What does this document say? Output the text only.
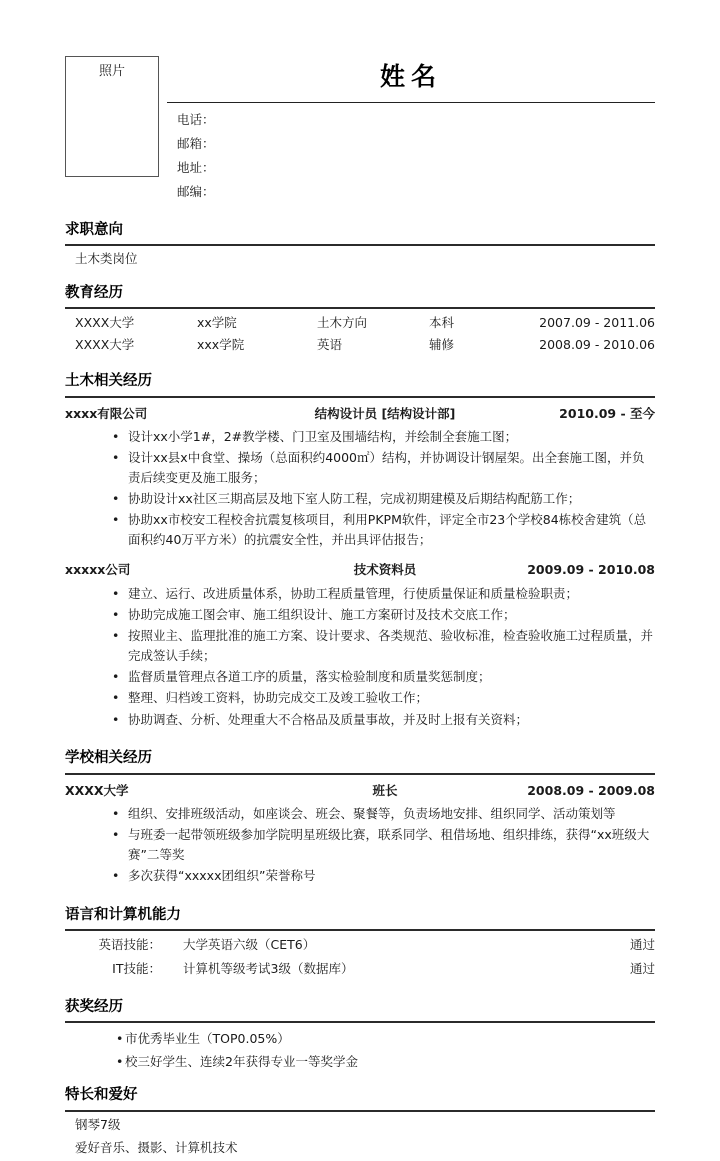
照片	姓名
电话：
邮箱：
地址：
邮编：
求职意向
土木类岗位
教育经历
XXXX大学	xx学院	土木方向	本科	2007.09 - 2011.06
XXXX大学	xxx学院	英语	辅修	2008.09 - 2010.06
土木相关经历
xxxx有限公司	结构设计员 [结构设计部]	2010.09 - 至今
• 设计xx小学1#，2#教学楼、门卫室及围墙结构，并绘制全套施工图；
• 设计xx县x中食堂、操场（总面积约4000㎡）结构，并协调设计钢屋架。出全套施工图，并负责后续变更及施工服务；
• 协助设计xx社区三期高层及地下室人防工程，完成初期建模及后期结构配筋工作；
• 协助xx市校安工程校舍抗震复核项目，利用PKPM软件，评定全市23个学校84栋校舍建筑（总面积约40万平方米）的抗震安全性，并出具评估报告；
xxxxx公司	技术资料员	2009.09 - 2010.08
• 建立、运行、改进质量体系，协助工程质量管理，行使质量保证和质量检验职责；
• 协助完成施工图会审、施工组织设计、施工方案研讨及技术交底工作；
• 按照业主、监理批准的施工方案、设计要求、各类规范、验收标准，检查验收施工过程质量，并完成签认手续；
• 监督质量管理点各道工序的质量，落实检验制度和质量奖惩制度；
• 整理、归档竣工资料，协助完成交工及竣工验收工作；
• 协助调查、分析、处理重大不合格品及质量事故，并及时上报有关资料；
学校相关经历
XXXX大学	班长	2008.09 - 2009.08
• 组织、安排班级活动，如座谈会、班会、聚餐等，负责场地安排、组织同学、活动策划等
• 与班委一起带领班级参加学院明星班级比赛，联系同学、租借场地、组织排练，获得“xx班级大赛”二等奖
• 多次获得“xxxxx团组织”荣誉称号
语言和计算机能力
英语技能： 大学英语六级（CET6）	通过
IT技能： 计算机等级考试3级（数据库）	通过
获奖经历
• 市优秀毕业生（TOP0.05%）
• 校三好学生、连续2年获得专业一等奖学金
特长和爱好
钢琴7级
爱好音乐、摄影、计算机技术
